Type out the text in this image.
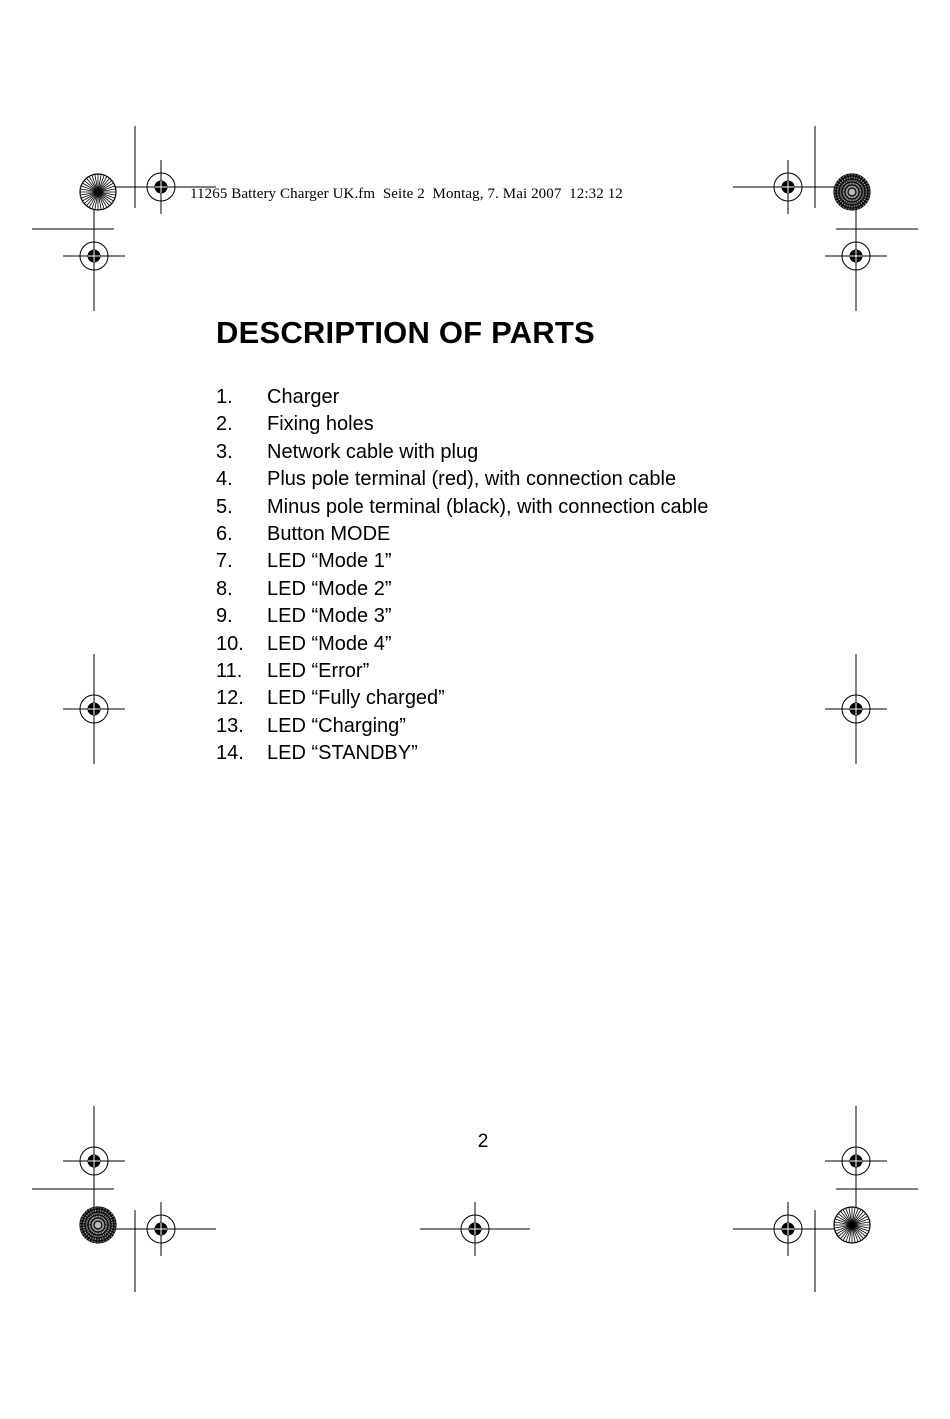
11265 Battery Charger UK.fm  Seite 2  Montag, 7. Mai 2007  12:32 12
DESCRIPTION OF PARTS
1. Charger
2. Fixing holes
3. Network cable with plug
4. Plus pole terminal (red), with connection cable
5. Minus pole terminal (black), with connection cable
6. Button MODE
7. LED “Mode 1”
8. LED “Mode 2”
9. LED “Mode 3”
10. LED “Mode 4”
11. LED “Error”
12. LED “Fully charged”
13. LED “Charging”
14. LED “STANDBY”
2
